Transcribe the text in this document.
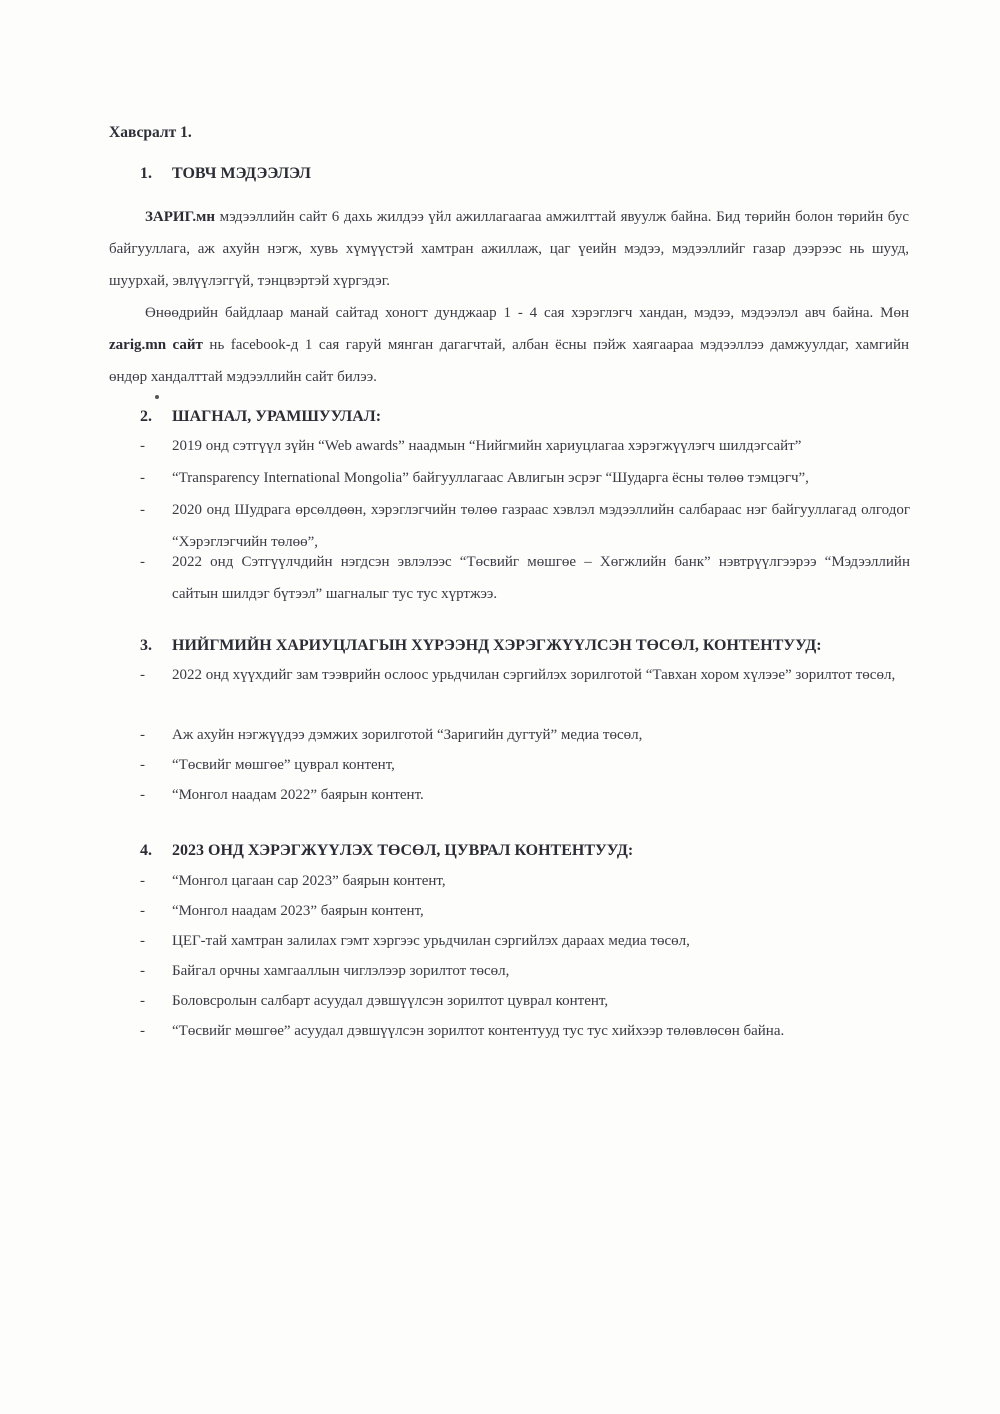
Хавсралт 1.
1. ТОВЧ МЭДЭЭЛЭЛ
ЗАРИГ.мн мэдээллийн сайт 6 дахь жилдээ үйл ажиллагаагаа амжилттай явуулж байна. Бид төрийн болон төрийн бус байгууллага, аж ахуйн нэгж, хувь хүмүүстэй хамтран ажиллаж, цаг үеийн мэдээ, мэдээллийг газар дээрээс нь шууд, шуурхай, эвлүүлэггүй, тэнцвэртэй хүргэдэг.
Өнөөдрийн байдлаар манай сайтад хоногт дунджаар 1 - 4 сая хэрэглэгч хандан, мэдээ, мэдээлэл авч байна. Мөн zarig.mn сайт нь facebook-д 1 сая гаруй мянган дагагчтай, албан ёсны пэйж хаягаараа мэдээллээ дамжуулдаг, хамгийн өндөр хандалттай мэдээллийн сайт билээ.
2. ШАГНАЛ, УРАМШУУЛАЛ:
-	2019 онд сэтгүүл зүйн “Web awards” наадмын “Нийгмийн хариуцлагаа хэрэгжүүлэгч шилдэгсайт”
-	“Transparency International Mongolia” байгууллагаас Авлигын эсрэг “Шударга ёсны төлөө тэмцэгч”,
-	2020 онд Шудрага өрсөлдөөн, хэрэглэгчийн төлөө газраас хэвлэл мэдээллийн салбараас нэг байгууллагад олгодог “Хэрэглэгчийн төлөө”,
-	2022 онд Сэтгүүлчдийн нэгдсэн эвлэлээс “Төсвийг мөшгөе – Хөгжлийн банк” нэвтрүүлгээрээ “Мэдээллийн сайтын шилдэг бүтээл” шагналыг тус тус хүртжээ.
3. НИЙГМИЙН ХАРИУЦЛАГЫН ХҮРЭЭНД ХЭРЭГЖҮҮЛСЭН ТӨСӨЛ, КОНТЕНТУУД:
-	2022 онд хүүхдийг зам тээврийн ослоос урьдчилан сэргийлэх зорилготой “Тавхан хором хүлээе” зорилтот төсөл,
-	Аж ахуйн нэгжүүдээ дэмжих зорилготой “Заригийн дугтуй” медиа төсөл,
-	“Төсвийг мөшгөе” цуврал контент,
-	“Монгол наадам 2022” баярын контент.
4. 2023 ОНД ХЭРЭГЖҮҮЛЭХ ТӨСӨЛ, ЦУВРАЛ КОНТЕНТУУД:
-	“Монгол цагаан сар 2023” баярын контент,
-	“Монгол наадам 2023” баярын контент,
-	ЦЕГ-тай хамтран залилах гэмт хэргээс урьдчилан сэргийлэх дараах медиа төсөл,
-	Байгал орчны хамгааллын чиглэлээр зорилтот төсөл,
-	Боловсролын салбарт асуудал дэвшүүлсэн зорилтот цуврал контент,
-	“Төсвийг мөшгөе” асуудал дэвшүүлсэн зорилтот контентууд тус тус хийхээр төлөвлөсөн байна.
